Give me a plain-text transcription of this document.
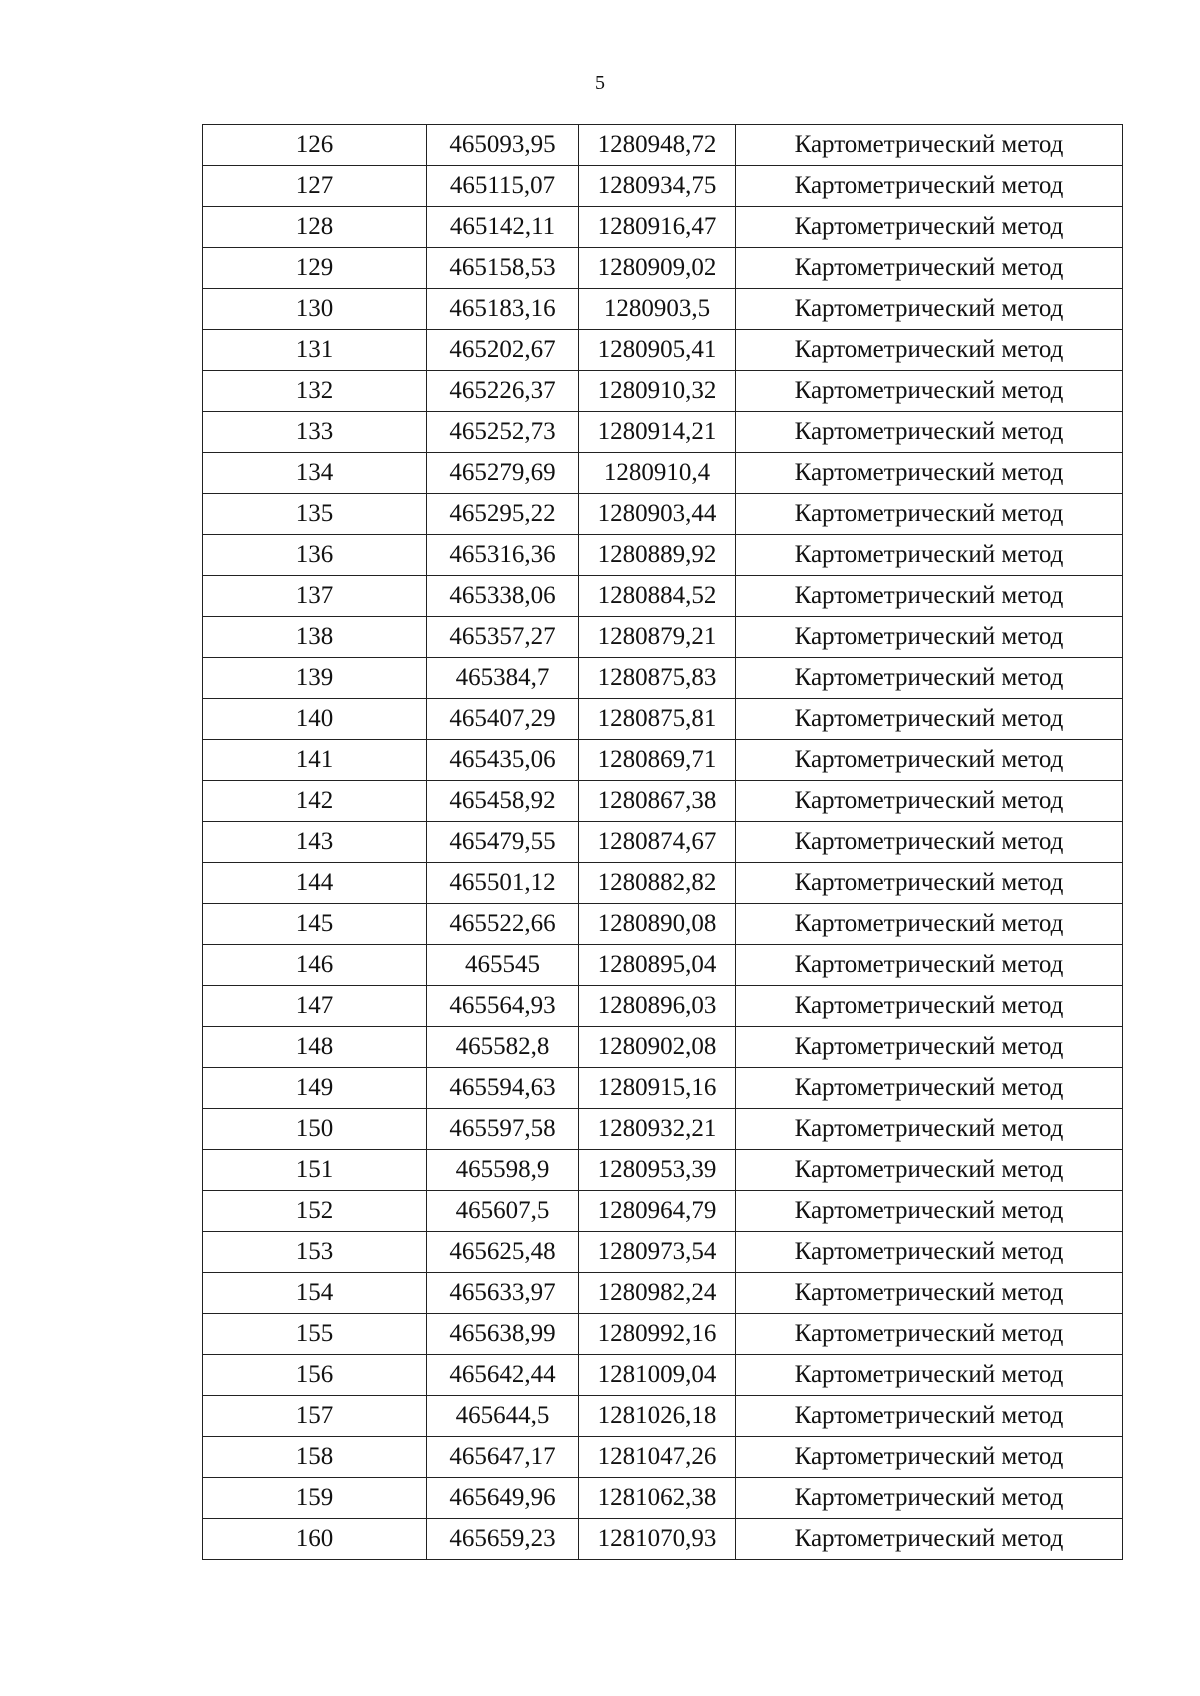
5
126	465093,95	1280948,72	Картометрический метод
127	465115,07	1280934,75	Картометрический метод
128	465142,11	1280916,47	Картометрический метод
129	465158,53	1280909,02	Картометрический метод
130	465183,16	1280903,5	Картометрический метод
131	465202,67	1280905,41	Картометрический метод
132	465226,37	1280910,32	Картометрический метод
133	465252,73	1280914,21	Картометрический метод
134	465279,69	1280910,4	Картометрический метод
135	465295,22	1280903,44	Картометрический метод
136	465316,36	1280889,92	Картометрический метод
137	465338,06	1280884,52	Картометрический метод
138	465357,27	1280879,21	Картометрический метод
139	465384,7	1280875,83	Картометрический метод
140	465407,29	1280875,81	Картометрический метод
141	465435,06	1280869,71	Картометрический метод
142	465458,92	1280867,38	Картометрический метод
143	465479,55	1280874,67	Картометрический метод
144	465501,12	1280882,82	Картометрический метод
145	465522,66	1280890,08	Картометрический метод
146	465545	1280895,04	Картометрический метод
147	465564,93	1280896,03	Картометрический метод
148	465582,8	1280902,08	Картометрический метод
149	465594,63	1280915,16	Картометрический метод
150	465597,58	1280932,21	Картометрический метод
151	465598,9	1280953,39	Картометрический метод
152	465607,5	1280964,79	Картометрический метод
153	465625,48	1280973,54	Картометрический метод
154	465633,97	1280982,24	Картометрический метод
155	465638,99	1280992,16	Картометрический метод
156	465642,44	1281009,04	Картометрический метод
157	465644,5	1281026,18	Картометрический метод
158	465647,17	1281047,26	Картометрический метод
159	465649,96	1281062,38	Картометрический метод
160	465659,23	1281070,93	Картометрический метод
